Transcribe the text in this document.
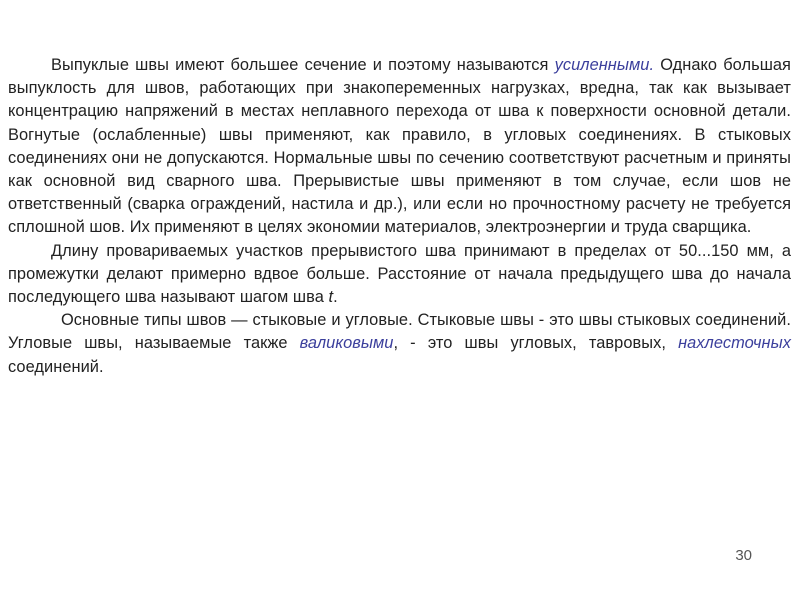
Выпуклые швы имеют большее сечение и поэтому называются усиленными. Однако большая выпуклость для швов, работающих при знакопеременных нагрузках, вредна, так как вызывает концентрацию напряжений в местах неплавного перехода от шва к поверхности основной детали. Вогнутые (ослабленные) швы применяют, как правило, в угловых соединениях. В стыковых соединениях они не допускаются. Нормальные швы по сечению соответствуют расчетным и приняты как основной вид сварного шва. Прерывистые швы применяют в том случае, если шов не ответственный (сварка ограждений, настила и др.), или если но прочностному расчету не требуется сплошной шов. Их применяют в целях экономии материалов, электроэнергии и труда сварщика.

Длину провариваемых участков прерывистого шва принимают в пределах от 50...150 мм, а промежутки делают примерно вдвое больше. Расстояние от начала предыдущего шва до начала последующего шва называют шагом шва t.

Основные типы швов — стыковые и угловые. Стыковые швы - это швы стыковых соединений. Угловые швы, называемые также валиковыми, - это швы угловых, тавровых, нахлесточных соединений.

30
